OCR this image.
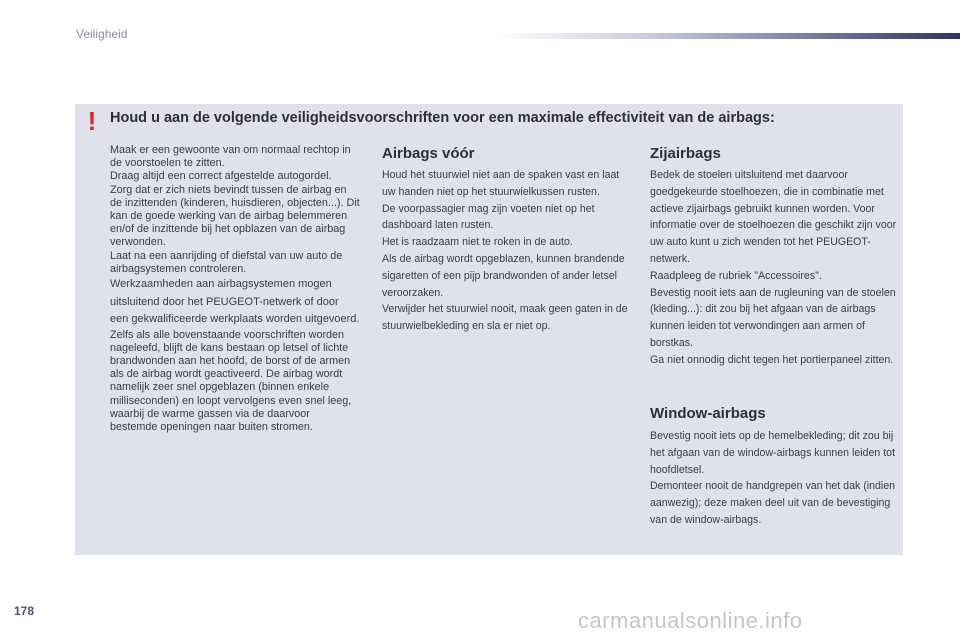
Veiligheid
! Houd u aan de volgende veiligheidsvoorschriften voor een maximale effectiviteit van de airbags:

Maak er een gewoonte van om normaal rechtop in de voorstoelen te zitten.

Draag altijd een correct afgestelde autogordel.

Zorg dat er zich niets bevindt tussen de airbag en de inzittenden (kinderen, huisdieren, objecten...). Dit kan de goede werking van de airbag belemmeren en/of de inzittende bij het opblazen van de airbag verwonden.

Laat na een aanrijding of diefstal van uw auto de airbagsystemen controleren.

Werkzaamheden aan airbagsystemen mogen uitsluitend door het PEUGEOT-netwerk of door een gekwalificeerde werkplaats worden uitgevoerd.

Zelfs als alle bovenstaande voorschriften worden nageleefd, blijft de kans bestaan op letsel of lichte brandwonden aan het hoofd, de borst of de armen als de airbag wordt geactiveerd. De airbag wordt namelijk zeer snel opgeblazen (binnen enkele milliseconden) en loopt vervolgens even snel leeg, waarbij de warme gassen via de daarvoor bestemde openingen naar buiten stromen.

Airbags vóór

Houd het stuurwiel niet aan de spaken vast en laat uw handen niet op het stuurwielkussen rusten.

De voorpassagier mag zijn voeten niet op het dashboard laten rusten.

Het is raadzaam niet te roken in de auto.

Als de airbag wordt opgeblazen, kunnen brandende sigaretten of een pijp brandwonden of ander letsel veroorzaken.

Verwijder het stuurwiel nooit, maak geen gaten in de stuurwielbekleding en sla er niet op.

Zijairbags

Bedek de stoelen uitsluitend met daarvoor goedgekeurde stoelhoezen, die in combinatie met actieve zijairbags gebruikt kunnen worden. Voor informatie over de stoelhoezen die geschikt zijn voor uw auto kunt u zich wenden tot het PEUGEOT-netwerk.

Raadpleeg de rubriek "Accessoires".

Bevestig nooit iets aan de rugleuning van de stoelen (kleding...): dit zou bij het afgaan van de airbags kunnen leiden tot verwondingen aan armen of borstkas.

Ga niet onnodig dicht tegen het portierpaneel zitten.

Window-airbags

Bevestig nooit iets op de hemelbekleding; dit zou bij het afgaan van de window-airbags kunnen leiden tot hoofdletsel.

Demonteer nooit de handgrepen van het dak (indien aanwezig); deze maken deel uit van de bevestiging van de window-airbags.

178	carmanualsonline.info
